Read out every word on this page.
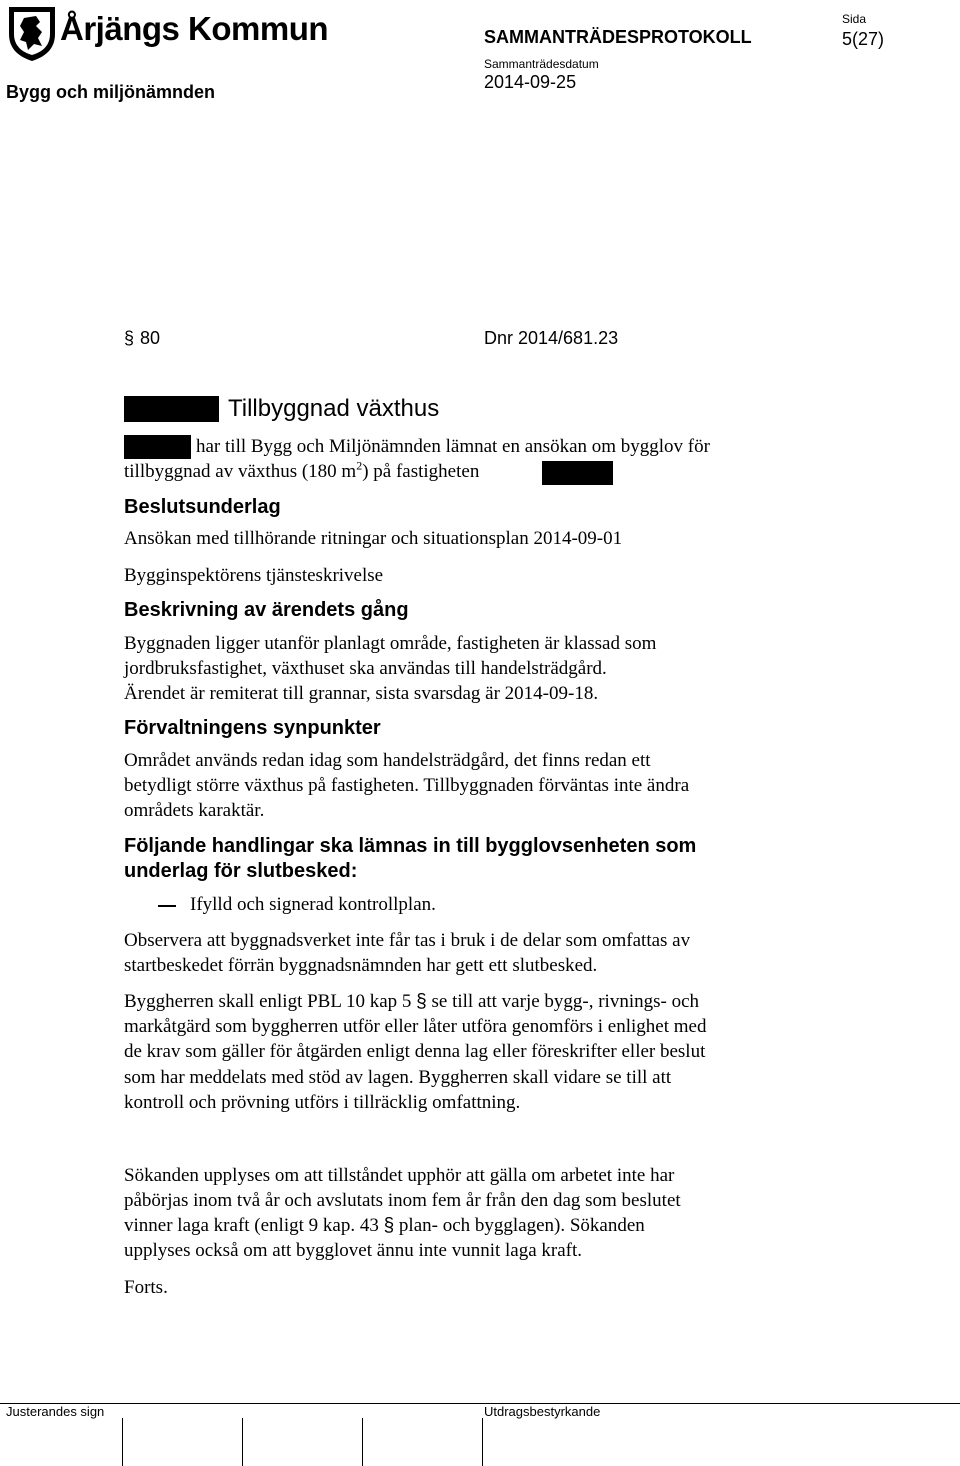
Årjängs Kommun
Bygg och miljönämnden
SAMMANTRÄDESPROTOKOLL
Sammanträdesdatum
2014-09-25
Sida
5(27)
§ 80	Dnr 2014/681.23
Tillbyggnad växthus
har till Bygg och Miljönämnden lämnat en ansökan om bygglov för
tillbyggnad av växthus (180 $m^2$) på fastigheten
Beslutsunderlag
Ansökan med tillhörande ritningar och situationsplan 2014-09-01
Bygginspektörens tjänsteskrivelse
Beskrivning av ärendets gång
Byggnaden ligger utanför planlagt område, fastigheten är klassad som
jordbruksfastighet, växthuset ska användas till handelsträdgård.
Ärendet är remiterat till grannar, sista svarsdag är 2014-09-18.
Förvaltningens synpunkter
Området används redan idag som handelsträdgård, det finns redan ett
betydligt större växthus på fastigheten. Tillbyggnaden förväntas inte ändra
områdets karaktär.
Följande handlingar ska lämnas in till bygglovsenheten som
underlag för slutbesked:
Ifylld och signerad kontrollplan.
Observera att byggnadsverket inte får tas i bruk i de delar som omfattas av
startbeskedet förrän byggnadsnämnden har gett ett slutbesked.
Byggherren skall enligt PBL 10 kap 5 § se till att varje bygg-, rivnings- och
markåtgärd som byggherren utför eller låter utföra genomförs i enlighet med
de krav som gäller för åtgärden enligt denna lag eller föreskrifter eller beslut
som har meddelats med stöd av lagen. Byggherren skall vidare se till att
kontroll och prövning utförs i tillräcklig omfattning.
Sökanden upplyses om att tillståndet upphör att gälla om arbetet inte har
påbörjas inom två år och avslutats inom fem år från den dag som beslutet
vinner laga kraft (enligt 9 kap. 43 § plan- och bygglagen). Sökanden
upplyses också om att bygglovet ännu inte vunnit laga kraft.
Forts.
Justerandes sign	Utdragsbestyrkande
